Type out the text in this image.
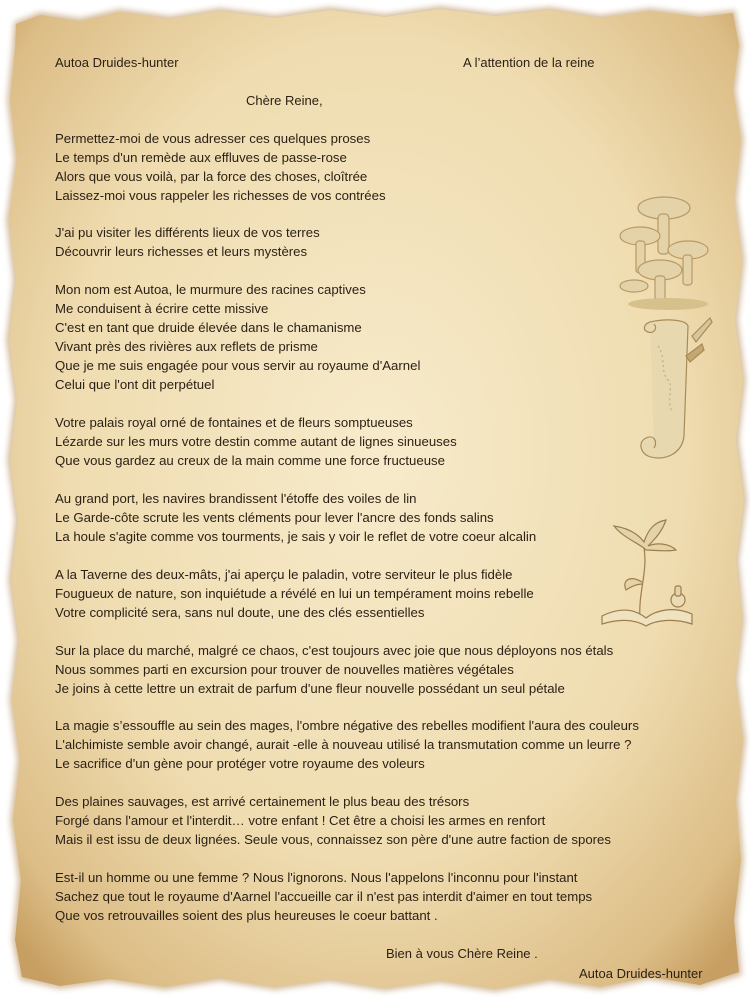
Autoa Druides-hunter	A l’attention de la reine
Chère Reine,
Permettez-moi de vous adresser ces quelques proses
Le temps d'un remède aux effluves de passe-rose
Alors que vous voilà, par la force des choses, cloîtrée
Laissez-moi vous rappeler les richesses de vos contrées
J'ai pu visiter les différents lieux de vos terres
Découvrir leurs richesses et leurs mystères
Mon nom est Autoa, le murmure des racines captives
Me conduisent à écrire cette missive
C'est en tant que druide élevée dans le chamanisme
Vivant près des rivières aux reflets de prisme
Que je me suis engagée pour vous servir au royaume d'Aarnel
Celui que l'ont dit perpétuel
Votre palais royal orné de fontaines et de fleurs somptueuses
Lézarde sur les murs votre destin comme autant de lignes sinueuses
Que vous gardez au creux de la main comme une force fructueuse
Au grand port, les navires brandissent l'étoffe des voiles de lin
Le Garde-côte scrute les vents cléments pour lever l'ancre des fonds salins
La houle s'agite comme vos tourments, je sais y voir le reflet de votre coeur alcalin
A la Taverne des deux-mâts, j'ai aperçu le paladin, votre serviteur le plus fidèle
Fougueux de nature, son inquiétude a révélé en lui un tempérament moins rebelle
Votre complicité sera, sans nul doute, une des clés essentielles
Sur la place du marché, malgré ce chaos, c'est toujours avec joie que nous déployons nos étals
Nous sommes parti en excursion pour trouver de nouvelles matières végétales
Je joins à cette lettre un extrait de parfum d'une fleur nouvelle possédant un seul pétale
La magie s’essouffle au sein des mages, l'ombre négative des rebelles modifient l'aura des couleurs
L'alchimiste semble avoir changé, aurait -elle à nouveau utilisé la transmutation comme un leurre ?
Le sacrifice d'un gène pour protéger votre royaume des voleurs
Des plaines sauvages, est arrivé certainement le plus beau des trésors
Forgé dans l'amour et l'interdit… votre enfant ! Cet être a choisi les armes en renfort
Mais il est issu de deux lignées. Seule vous, connaissez son père d'une autre faction de spores
Est-il un homme ou une femme ? Nous l'ignorons. Nous l'appelons l'inconnu pour l'instant
Sachez que tout le royaume d'Aarnel l'accueille car il n'est pas interdit d'aimer en tout temps
Que vos retrouvailles soient des plus heureuses le coeur battant .
Bien à vous Chère Reine .
Autoa Druides-hunter
